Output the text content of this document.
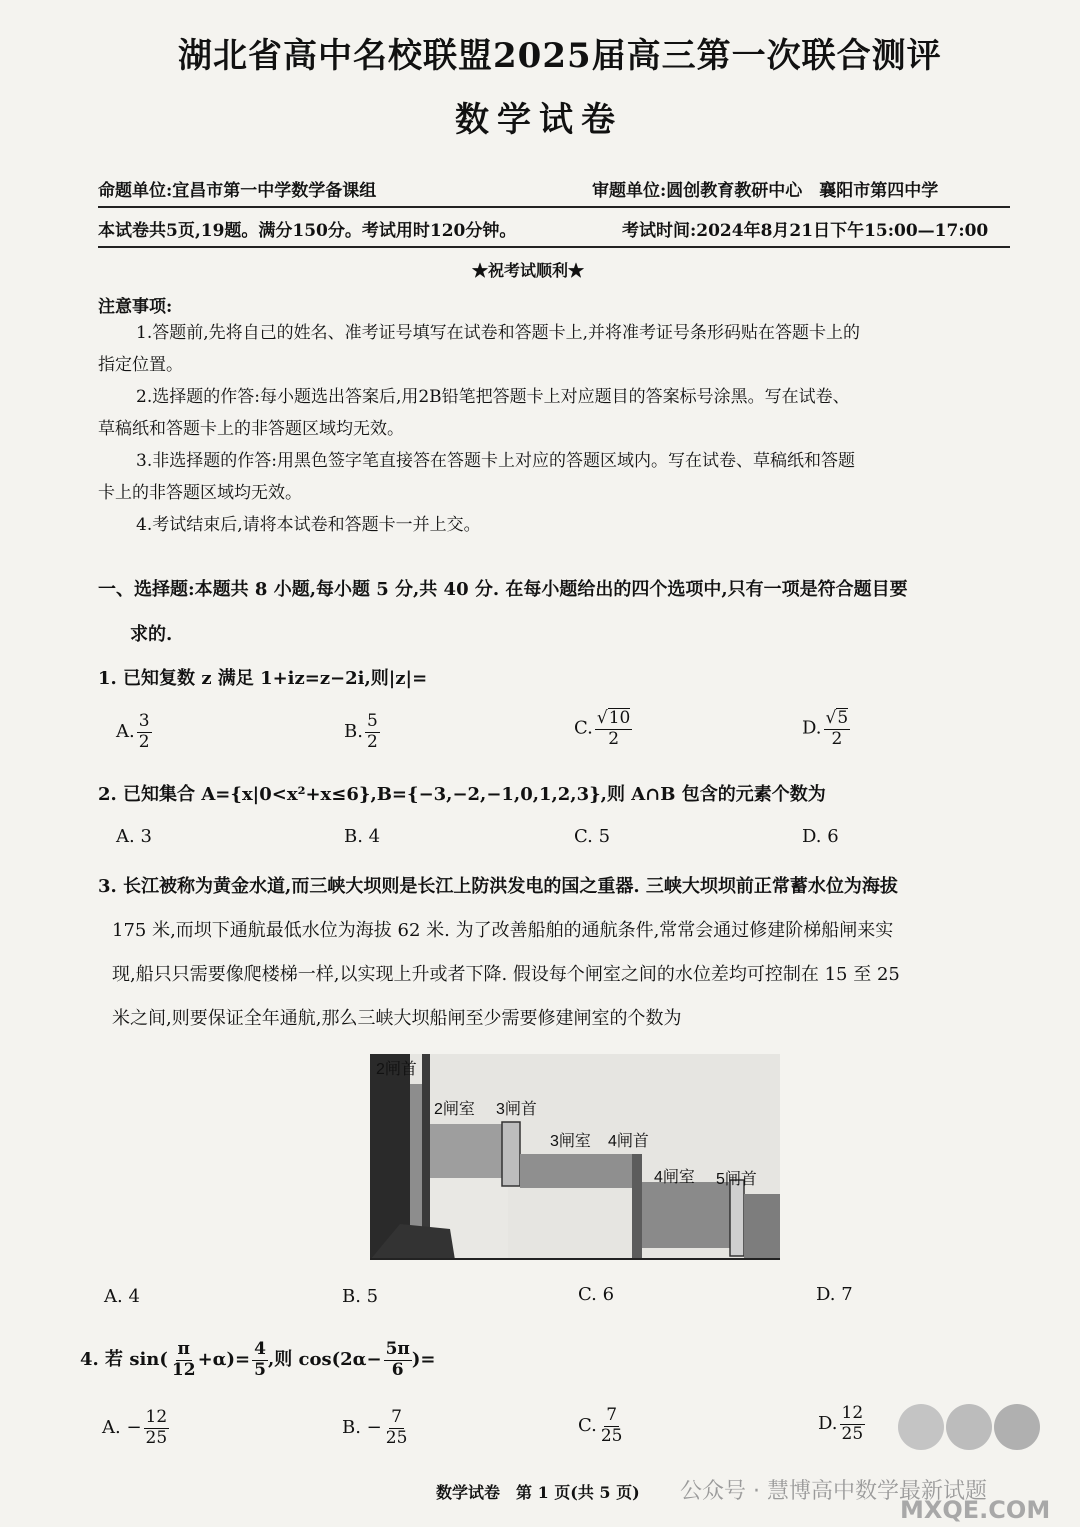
湖北省高中名校联盟2025届高三第一次联合测评
数学试卷
命题单位:宜昌市第一中学数学备课组	审题单位:圆创教育教研中心　襄阳市第四中学
本试卷共5页,19题。满分150分。考试用时120分钟。	考试时间:2024年8月21日下午15:00—17:00
★祝考试顺利★
注意事项:
1.答题前,先将自己的姓名、准考证号填写在试卷和答题卡上,并将准考证号条形码贴在答题卡上的
指定位置。
2.选择题的作答:每小题选出答案后,用2B铅笔把答题卡上对应题目的答案标号涂黑。写在试卷、
草稿纸和答题卡上的非答题区域均无效。
3.非选择题的作答:用黑色签字笔直接答在答题卡上对应的答题区域内。写在试卷、草稿纸和答题
卡上的非答题区域均无效。
4.考试结束后,请将本试卷和答题卡一并上交。
一、选择题:本题共 8 小题,每小题 5 分,共 40 分. 在每小题给出的四个选项中,只有一项是符合题目要
求的.
1. 已知复数 z 满足 1+iz=z−2i,则|z|=
A. $\frac{3}{2}$	B. $\frac{5}{2}$	C. $\frac{√10}{2}$	D. $\frac{√5}{2}$
2. 已知集合 A={x|0<x²+x≤6},B={−3,−2,−1,0,1,2,3},则 A∩B 包含的元素个数为
A. 3	B. 4	C. 5	D. 6
3. 长江被称为黄金水道,而三峡大坝则是长江上防洪发电的国之重器. 三峡大坝坝前正常蓄水位为海拔
175 米,而坝下通航最低水位为海拔 62 米. 为了改善船舶的通航条件,常常会通过修建阶梯船闸来实
现,船只只需要像爬楼梯一样,以实现上升或者下降. 假设每个闸室之间的水位差均可控制在 15 至 25
米之间,则要保证全年通航,那么三峡大坝船闸至少需要修建闸室的个数为
2闸首
2闸室 3闸首
3闸室 4闸首
4闸室 5闸首
A. 4	B. 5	C. 6	D. 7
4. 若 $\sin( \frac{\pi}{12} +\alpha)= \frac{4}{5}$ ,则 $\cos(2\alpha- \frac{5\pi}{6}$ )=
A. − $\frac{12}{25}$	B. − $\frac{7}{25}$	C. $\frac{7}{25}$	D. $\frac{12}{25}$
数学试卷　第 1 页(共 5 页) 公众号 · 慧博高中数学最新试题
MXQE.COM
